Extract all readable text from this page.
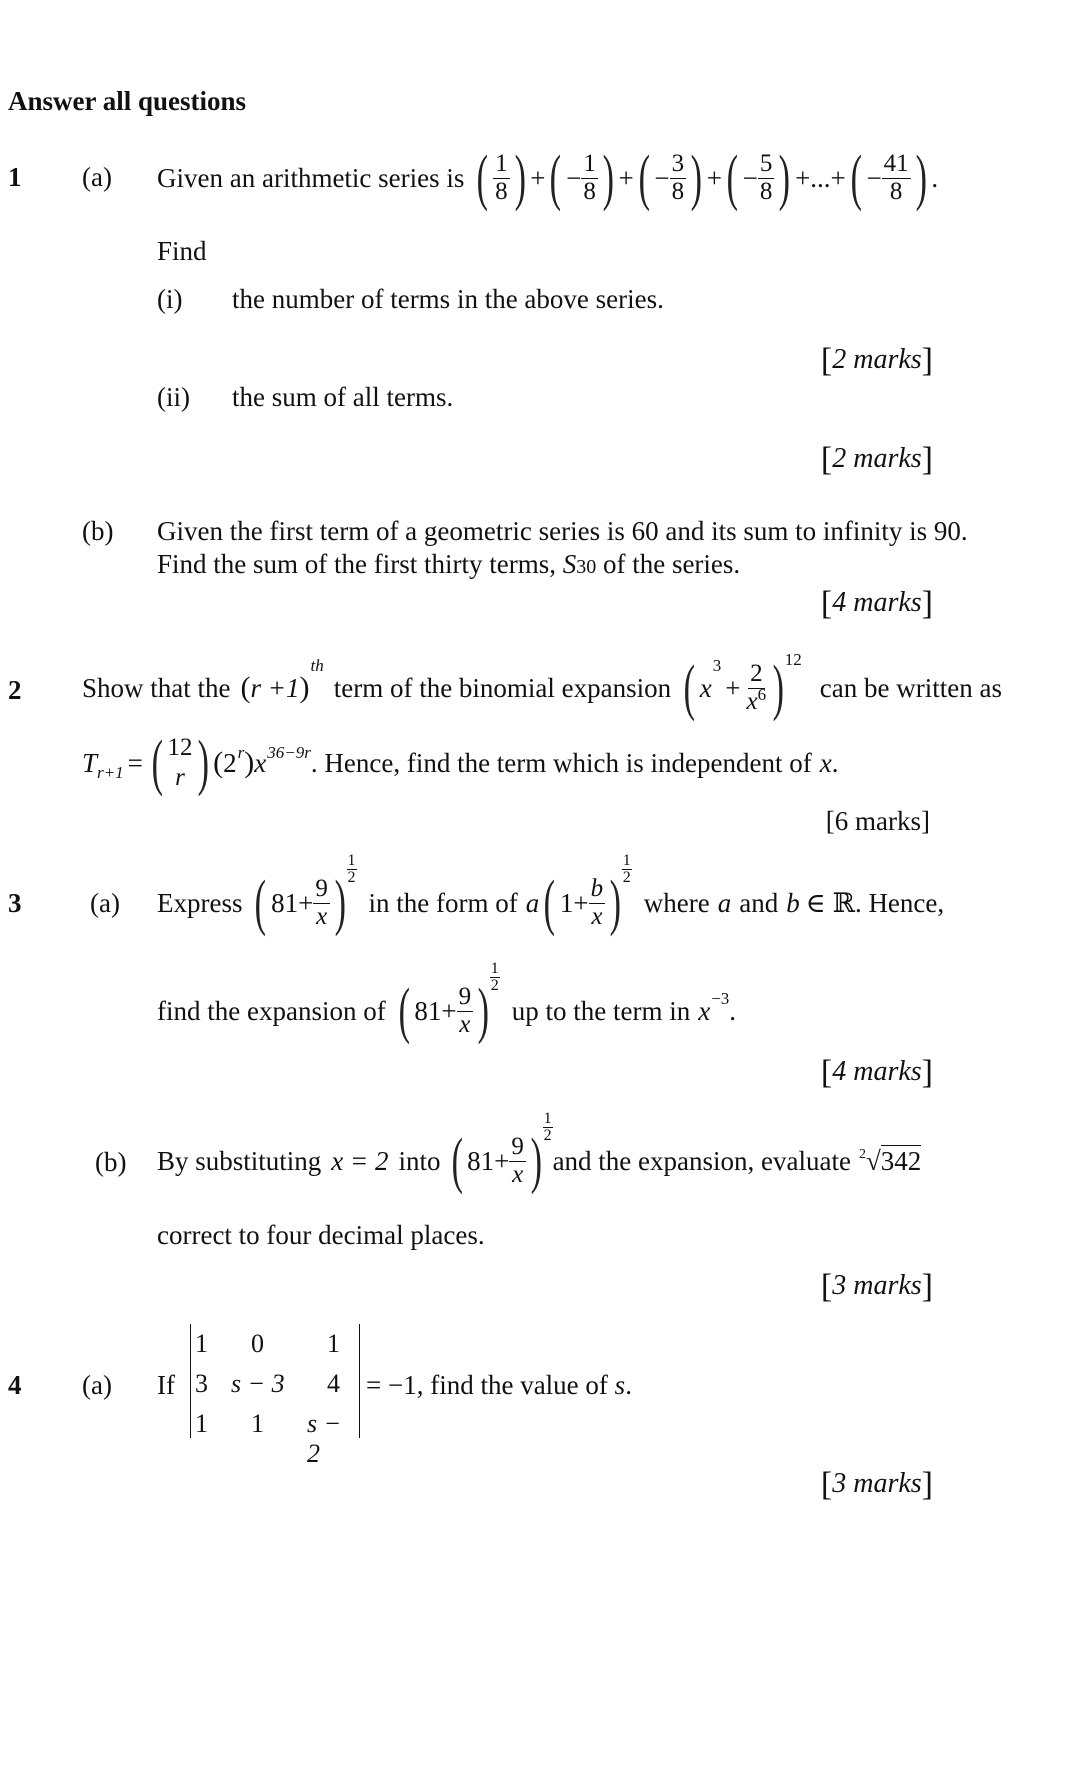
Answer all questions
1 (a) Given an arithmetic series is ( $\frac{1}{8}$ ) + ( − $\frac{1}{8}$ ) + ( − $\frac{3}{8}$ ) + ( − $\frac{5}{8}$ ) +...+ ( − $\frac{41}{8}$ ) .
Find
(i) the number of terms in the above series.
[2 marks]
(ii) the sum of all terms.
[2 marks]
(b) Given the first term of a geometric series is 60 and its sum to infinity is 90.
Find the sum of the first thirty terms, S30 of the series.
[4 marks]
2 Show that the ( r +1 )
th
term of the binomial expansion ( x
3
+ $\frac{2}{x^6}$ ) 12
can be written as
T r+1 = ( 12
r ) ( 2 r ) x 36−9r . Hence, find the term which is independent of x .
[6 marks]
3	(a) Express ( $81+ \frac{9}{x}$ )
1
2
in the form of a ( $1+ \frac{b}{x}$ )
1
2
where a and b ∈ ℝ . Hence,
find the expansion of ( $81+ \frac{9}{x}$ )
1
2
up to the term in x −3 .
[4 marks]
(b) By substituting x = 2 into ( $81+ \frac{9}{x}$ )
1
2
and the expansion, evaluate $^2$√342
correct to four decimal places.
[3 marks]
4 (a) If
1 0 1
3 s − 3 4
1 1 s − 2
= −1, find the value of s.
[3 marks]
